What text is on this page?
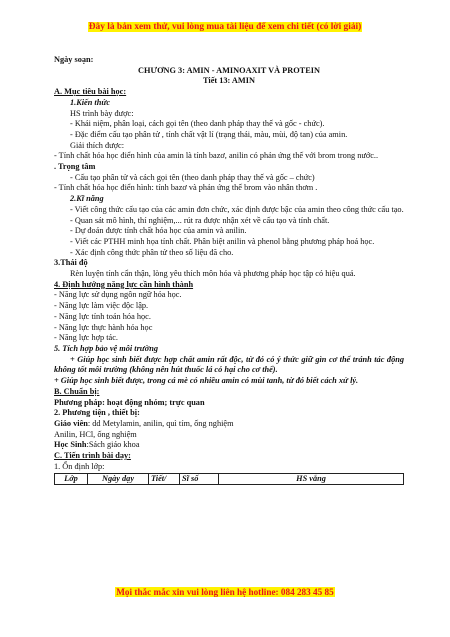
Đây là bản xem thử, vui lòng mua tài liệu để xem chi tiết (có lời giải)

Ngày soạn:

CHƯƠNG 3: AMIN - AMINOAXIT VÀ PROTEIN

Tiết 13: AMIN

A. Mục tiêu bài học:

1.Kiến thức

HS trình bày được:

- Khái niệm, phân loại, cách gọi tên (theo danh pháp thay thế và gốc - chức).

- Đặc điểm cấu tạo phân tử , tính chất vật lí (trạng thái, màu, mùi, độ tan) của amin.

Giải thích được:

- Tính chất hóa học điển hình của amin là tính bazơ, anilin có phản ứng thế với brom trong nước..

. Trọng tâm

- Cấu tạo phân tử và cách gọi tên (theo danh pháp thay thế và gốc – chức)

- Tính chất hóa học điển hình: tính bazơ và phản ứng thế brom vào nhân thơm .

2.Kĩ năng

- Viết công thức cấu tạo của các amin đơn chức, xác định được bậc của amin theo công thức cấu tạo.

- Quan sát mô hình, thí nghiệm,... rút ra được nhận xét về cấu tạo và tính chất.

- Dự đoán được tính chất hóa học của amin và anilin.

- Viết các PTHH minh họa tính chất. Phân biệt anilin và phenol bằng phương pháp hoá học.

- Xác định công thức phân tử theo số liệu đã cho.

3.Thái độ

Rèn luyện tính cẩn thận, lòng yêu thích môn hóa và phương pháp học tập có hiệu quả.

4. Định hướng năng lực cần hình thành

- Năng lực sử dụng ngôn ngữ hóa học.

- Năng lực làm việc độc lập.

- Năng lực tính toán hóa học.

- Năng lực thực hành hóa học

- Năng lực hợp tác.

5. Tích hợp bảo vệ môi trường

+ Giúp học sinh biết được hợp chất amin rất độc, từ đó có ý thức giữ gìn cơ thể tránh tác động không tốt môi trường (không nên hút thuốc lá có hại cho cơ thể).

+ Giúp học sinh biết được, trong cá mè có nhiều amin có mùi tanh, từ đó biết cách xử lý.

B. Chuẩn bị:

Phương pháp: hoạt động nhóm; trực quan

2. Phương tiện , thiết bị:

Giáo viên: dd Metylamin, anilin, quì tím, ống nghiệm

Anilin, HCl, ống nghiệm

Học Sinh:Sách giáo khoa

C. Tiến trình bài dạy:

1. Ổn định lớp:

Lớp	Ngày dạy	Tiết/	Sĩ số	HS vắng
Mọi thắc mắc xin vui lòng liên hệ hotline: 084 283 45 85
